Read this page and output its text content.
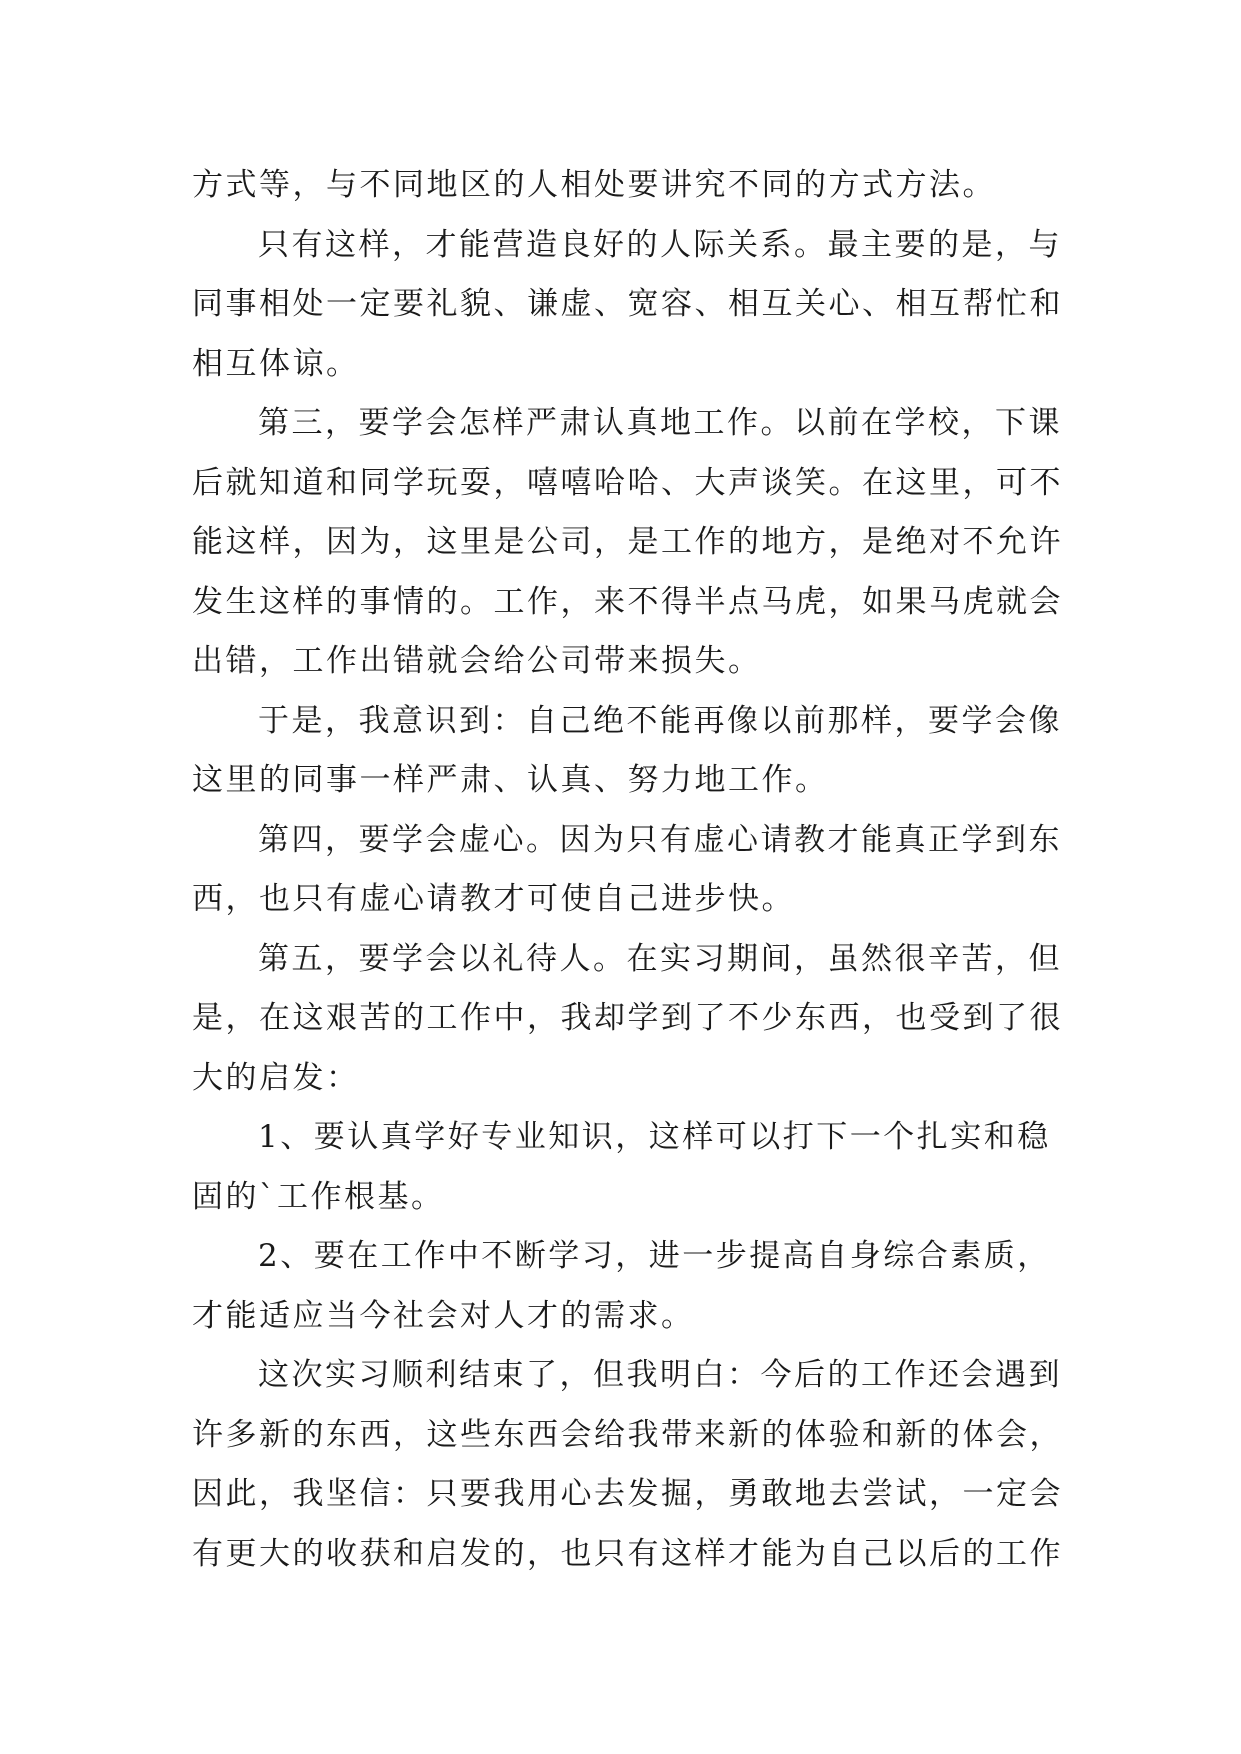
方式等，与不同地区的人相处要讲究不同的方式方法。
只有这样，才能营造良好的人际关系。最主要的是，与
同事相处一定要礼貌、谦虚、宽容、相互关心、相互帮忙和
相互体谅。
第三，要学会怎样严肃认真地工作。以前在学校，下课
后就知道和同学玩耍，嘻嘻哈哈、大声谈笑。在这里，可不
能这样，因为，这里是公司，是工作的地方，是绝对不允许
发生这样的事情的。工作，来不得半点马虎，如果马虎就会
出错，工作出错就会给公司带来损失。
于是，我意识到：自己绝不能再像以前那样，要学会像
这里的同事一样严肃、认真、努力地工作。
第四，要学会虚心。因为只有虚心请教才能真正学到东
西，也只有虚心请教才可使自己进步快。
第五，要学会以礼待人。在实习期间，虽然很辛苦，但
是，在这艰苦的工作中，我却学到了不少东西，也受到了很
大的启发：
1、要认真学好专业知识，这样可以打下一个扎实和稳
固的`工作根基。
2、要在工作中不断学习，进一步提高自身综合素质，
才能适应当今社会对人才的需求。
这次实习顺利结束了，但我明白：今后的工作还会遇到
许多新的东西，这些东西会给我带来新的体验和新的体会，
因此，我坚信：只要我用心去发掘，勇敢地去尝试，一定会
有更大的收获和启发的，也只有这样才能为自己以后的工作
